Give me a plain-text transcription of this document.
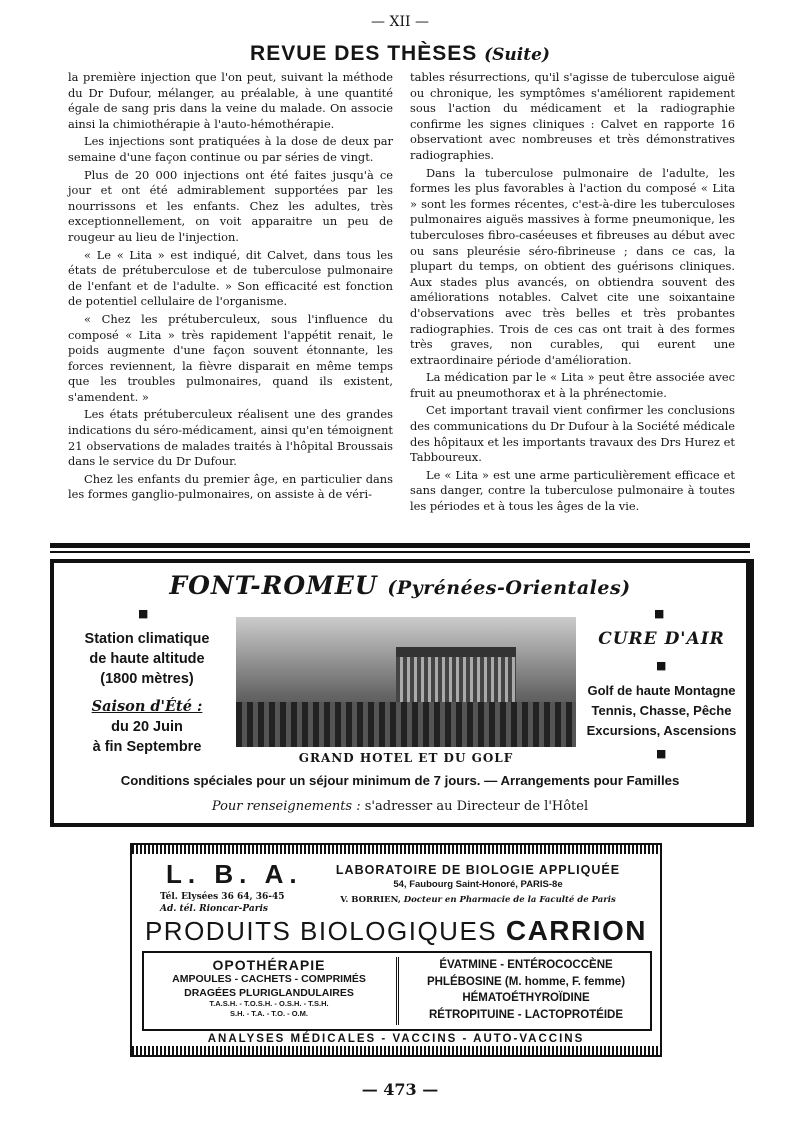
— XII —
REVUE DES THÈSES (Suite)

la première injection que l'on peut, suivant la méthode du Dr Dufour, mélanger, au préalable, à une quantité égale de sang pris dans la veine du malade. On associe ainsi la chimiothérapie à l'auto-hémothérapie.

Les injections sont pratiquées à la dose de deux par semaine d'une façon continue ou par séries de vingt.

Plus de 20 000 injections ont été faites jusqu'à ce jour et ont été admirablement supportées par les nourrissons et les enfants. Chez les adultes, très exceptionnellement, on voit apparaitre un peu de rougeur au lieu de l'injection.

« Le « Lita » est indiqué, dit Calvet, dans tous les états de prétuberculose et de tuberculose pulmonaire de l'enfant et de l'adulte. » Son efficacité est fonction de potentiel cellulaire de l'organisme.

« Chez les prétuberculeux, sous l'influence du composé « Lita » très rapidement l'appétit renait, le poids augmente d'une façon souvent étonnante, les forces reviennent, la fièvre disparait en même temps que les troubles pulmonaires, quand ils existent, s'amendent. »

Les états prétuberculeux réalisent une des grandes indications du séro-médicament, ainsi qu'en témoignent 21 observations de malades traités à l'hôpital Broussais dans le service du Dr Dufour.

Chez les enfants du premier âge, en particulier dans les formes ganglio-pulmonaires, on assiste à de véri-

tables résurrections, qu'il s'agisse de tuberculose aiguë ou chronique, les symptômes s'améliorent rapidement sous l'action du médicament et la radiographie confirme les signes cliniques : Calvet en rapporte 16 observationt avec nombreuses et très démonstratives radiographies.

Dans la tuberculose pulmonaire de l'adulte, les formes les plus favorables à l'action du composé « Lita » sont les formes récentes, c'est-à-dire les tuberculoses pulmonaires aiguës massives à forme pneumonique, les tuberculoses fibro-caséeuses et fibreuses au début avec ou sans pleurésie séro-fibrineuse ; dans ce cas, la plupart du temps, on obtient des guérisons cliniques. Aux stades plus avancés, on obtiendra souvent des améliorations notables. Calvet cite une soixantaine d'observations avec très belles et très probantes radiographies. Trois de ces cas ont trait à des formes très graves, non curables, qui eurent une extraordinaire période d'amélioration.

La médication par le « Lita » peut être associée avec fruit au pneumothorax et à la phrénectomie.

Cet important travail vient confirmer les conclusions des communications du Dr Dufour à la Société médicale des hôpitaux et les importants travaux des Drs Hurez et Tabboureux.

Le « Lita » est une arme particulièrement efficace et sans danger, contre la tuberculose pulmonaire à toutes les périodes et à tous les âges de la vie.

FONT-ROMEU (Pyrénées-Orientales)
■	■
Station climatique
de haute altitude
(1800 mètres)
Saison d'Été :
du 20 Juin
à fin Septembre
GRAND HOTEL ET DU GOLF
CURE D'AIR
Golf de haute Montagne
Tennis, Chasse, Pêche
Excursions, Ascensions
■
■
Conditions spéciales pour un séjour minimum de 7 jours. — Arrangements pour Familles
Pour renseignements : s'adresser au Directeur de l'Hôtel
L. B. A.
Tél. Elysées 36 64, 36-45
Ad. tél. Rioncar-Paris
LABORATOIRE DE BIOLOGIE APPLIQUÉE
54, Faubourg Saint-Honoré, PARIS-8e
V. BORRIEN, Docteur en Pharmacie de la Faculté de Paris
PRODUITS BIOLOGIQUES CARRION
OPOTHÉRAPIE
AMPOULES - CACHETS - COMPRIMÉS
DRAGÉES PLURIGLANDULAIRES
T.A.S.H. - T.O.S.H. - O.S.H. - T.S.H.
S.H. - T.A. - T.O. - O.M.
ÉVATMINE - ENTÉROCOCCÈNE
PHLÉBOSINE (M. homme, F. femme)
HÉMATOÉTHYROÏDINE
RÉTROPITUINE - LACTOPROTÉIDE
ANALYSES MÉDICALES - VACCINS - AUTO-VACCINS
— 473 —
